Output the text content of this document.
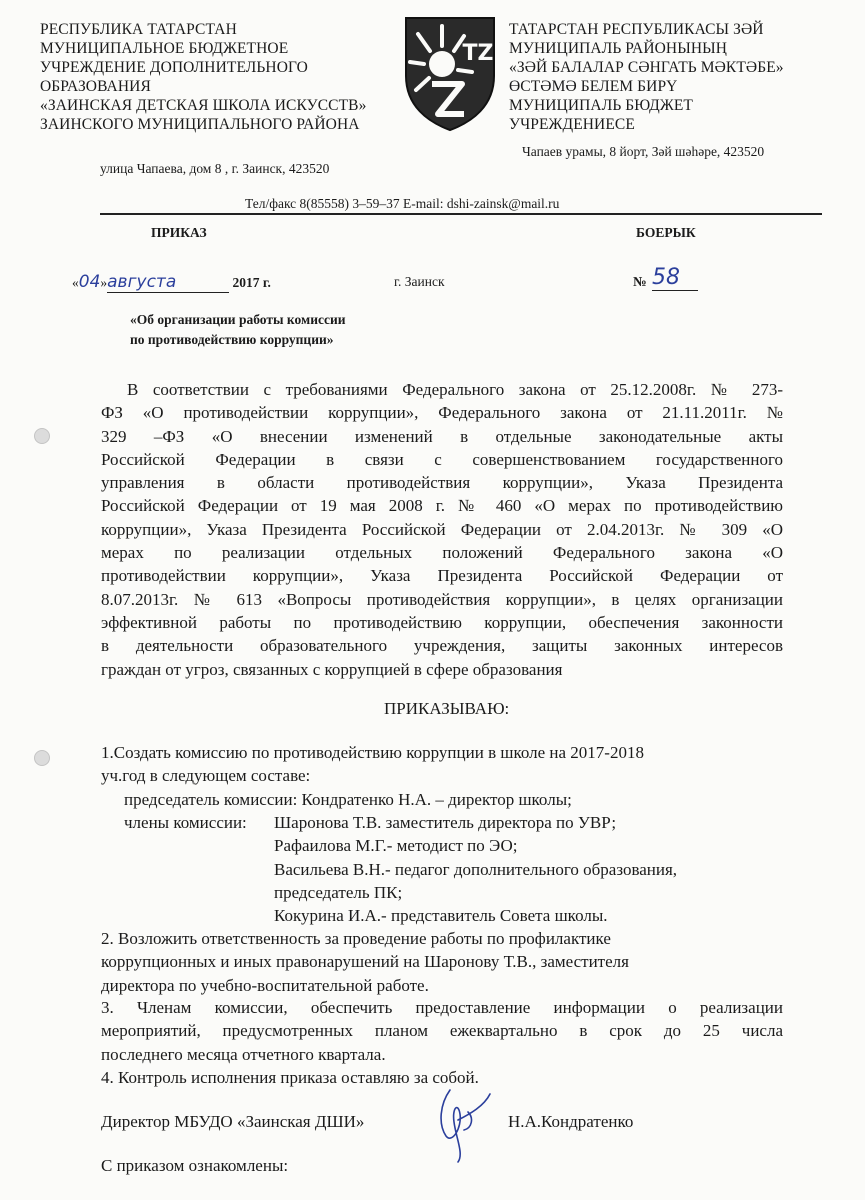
РЕСПУБЛИКА ТАТАРСТАН
МУНИЦИПАЛЬНОЕ БЮДЖЕТНОЕ
УЧРЕЖДЕНИЕ ДОПОЛНИТЕЛЬНОГО
ОБРАЗОВАНИЯ
«ЗАИНСКАЯ ДЕТСКАЯ ШКОЛА ИСКУССТВ»
ЗАИНСКОГО МУНИЦИПАЛЬНОГО РАЙОНА
TZ
ТАТАРСТАН РЕСПУБЛИКАСЫ ЗӘЙ
МУНИЦИПАЛЬ РАЙОНЫНЫҢ
«ЗӘЙ БАЛАЛАР СӘНГАТЬ МӘКТӘБЕ»
ӨСТӘМӘ БЕЛЕМ БИРҮ
МУНИЦИПАЛЬ БЮДЖЕТ
УЧРЕЖДЕНИЕСЕ
Чапаев урамы, 8 йорт, Зәй шәһәре, 423520
улица Чапаева, дом 8 , г. Заинск, 423520
Тел/факс 8(85558) 3–59–37 E-mail: dshi-zainsk@mail.ru
ПРИКАЗ	БОЕРЫК
«04»августа	2017 г.	г. Заинск	№ 58
«Об организации работы комиссии
по противодействию коррупции»
В соответствии с требованиями Федерального закона от 25.12.2008г. № 273-
ФЗ «О противодействии коррупции», Федерального закона от 21.11.2011г. №
329 –ФЗ «О внесении изменений в отдельные законодательные акты
Российской Федерации в связи с совершенствованием государственного
управления в области противодействия коррупции», Указа Президента
Российской Федерации от 19 мая 2008 г. № 460 «О мерах по противодействию
коррупции», Указа Президента Российской Федерации от 2.04.2013г. № 309 «О
мерах по реализации отдельных положений Федерального закона «О
противодействии коррупции», Указа Президента Российской Федерации от
8.07.2013г. № 613 «Вопросы противодействия коррупции», в целях организации
эффективной работы по противодействию коррупции, обеспечения законности
в деятельности образовательного учреждения, защиты законных интересов
граждан от угроз, связанных с коррупцией в сфере образования
ПРИКАЗЫВАЮ:
1.Создать комиссию по противодействию коррупции в школе на 2017-2018
уч.год в следующем составе:
председатель комиссии: Кондратенко Н.А. – директор школы;
члены комиссии: Шаронова Т.В. заместитель директора по УВР;
Рафаилова М.Г.- методист по ЭО;
Васильева В.Н.- педагог дополнительного образования,
председатель ПК;
Кокурина И.А.- представитель Совета школы.
2. Возложить ответственность за проведение работы по профилактике
коррупционных и иных правонарушений на Шаронову Т.В., заместителя
директора по учебно-воспитательной работе.
3. Членам комиссии, обеспечить предоставление информации о реализации
мероприятий, предусмотренных планом ежеквартально в срок до 25 числа
последнего месяца отчетного квартала.
4. Контроль исполнения приказа оставляю за собой.
Директор МБУДО «Заинская ДШИ»	Н.А.Кондратенко
С приказом ознакомлены:
